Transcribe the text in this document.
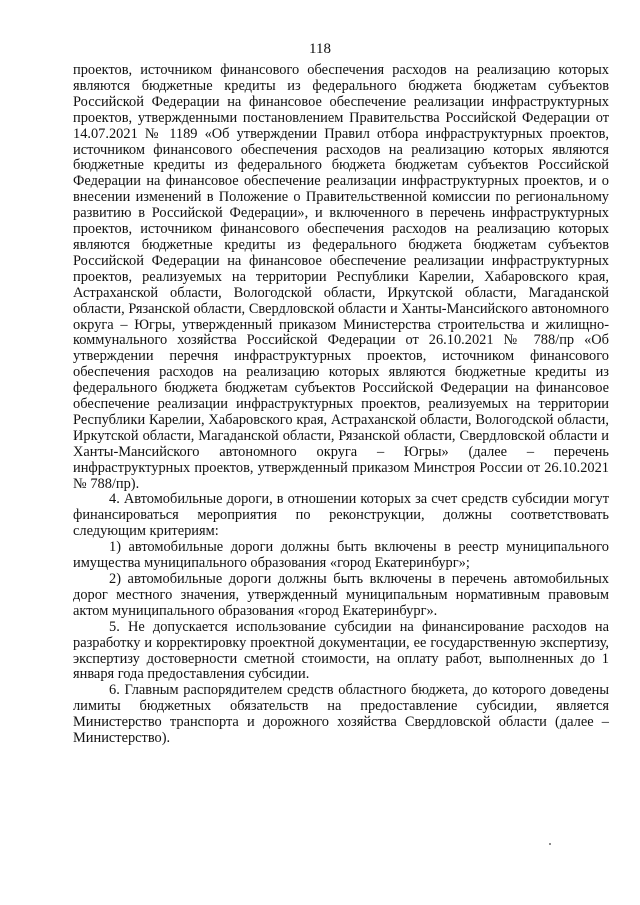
118

проектов, источником финансового обеспечения расходов на реализацию которых являются бюджетные кредиты из федерального бюджета бюджетам субъектов Российской Федерации на финансовое обеспечение реализации инфраструктурных проектов, утвержденными постановлением Правительства Российской Федерации от 14.07.2021 № 1189 «Об утверждении Правил отбора инфраструктурных проектов, источником финансового обеспечения расходов на реализацию которых являются бюджетные кредиты из федерального бюджета бюджетам субъектов Российской Федерации на финансовое обеспечение реализации инфраструктурных проектов, и о внесении изменений в Положение о Правительственной комиссии по региональному развитию в Российской Федерации», и включенного в перечень инфраструктурных проектов, источником финансового обеспечения расходов на реализацию которых являются бюджетные кредиты из федерального бюджета бюджетам субъектов Российской Федерации на финансовое обеспечение реализации инфраструктурных проектов, реализуемых на территории Республики Карелии, Хабаровского края, Астраханской области, Вологодской области, Иркутской области, Магаданской области, Рязанской области, Свердловской области и Ханты-Мансийского автономного округа – Югры, утвержденный приказом Министерства строительства и жилищно-коммунального хозяйства Российской Федерации от 26.10.2021 № 788/пр «Об утверждении перечня инфраструктурных проектов, источником финансового обеспечения расходов на реализацию которых являются бюджетные кредиты из федерального бюджета бюджетам субъектов Российской Федерации на финансовое обеспечение реализации инфраструктурных проектов, реализуемых на территории Республики Карелии, Хабаровского края, Астраханской области, Вологодской области, Иркутской области, Магаданской области, Рязанской области, Свердловской области и Ханты-Мансийского автономного округа – Югры» (далее – перечень инфраструктурных проектов, утвержденный приказом Минстроя России от 26.10.2021 № 788/пр).

4. Автомобильные дороги, в отношении которых за счет средств субсидии могут финансироваться мероприятия по реконструкции, должны соответствовать следующим критериям:

1) автомобильные дороги должны быть включены в реестр муниципального имущества муниципального образования «город Екатеринбург»;

2) автомобильные дороги должны быть включены в перечень автомобильных дорог местного значения, утвержденный муниципальным нормативным правовым актом муниципального образования «город Екатеринбург».

5. Не допускается использование субсидии на финансирование расходов на разработку и корректировку проектной документации, ее государственную экспертизу, экспертизу достоверности сметной стоимости, на оплату работ, выполненных до 1 января года предоставления субсидии.

6. Главным распорядителем средств областного бюджета, до которого доведены лимиты бюджетных обязательств на предоставление субсидии, является Министерство транспорта и дорожного хозяйства Свердловской области (далее – Министерство).
